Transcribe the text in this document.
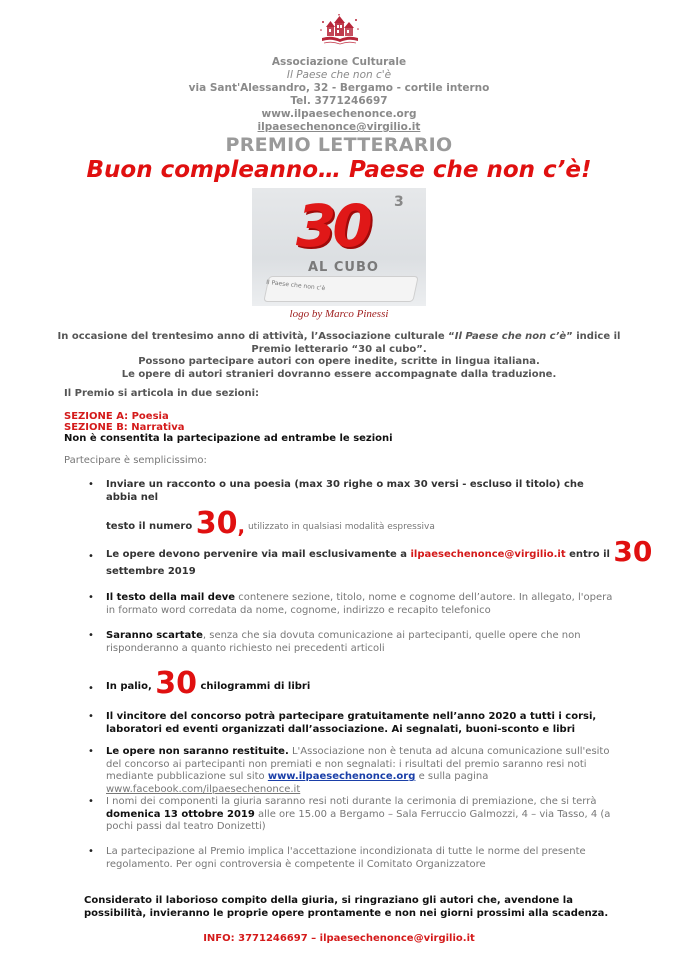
Associazione Culturale
Il Paese che non c'è
via Sant'Alessandro, 32 - Bergamo - cortile interno
Tel. 3771246697
www.ilpaesechenonce.org
ilpaesechenonce@virgilio.it
PREMIO LETTERARIO
Buon compleanno… Paese che non c’è!
30 3
AL CUBO
Il Paese che non c'è
logo by Marco Pinessi
In occasione del trentesimo anno di attività, l’Associazione culturale “Il Paese che non c’è” indice il
Premio letterario “30 al cubo”.
Possono partecipare autori con opere inedite, scritte in lingua italiana.
Le opere di autori stranieri dovranno essere accompagnate dalla traduzione.
Il Premio si articola in due sezioni:
SEZIONE A: Poesia
SEZIONE B: Narrativa
Non è consentita la partecipazione ad entrambe le sezioni
Partecipare è semplicissimo:
•	Inviare un racconto o una poesia (max 30 righe o max 30 versi - escluso il titolo) che abbia nel
testo il numero 30, utilizzato in qualsiasi modalità espressiva
•	Le opere devono pervenire via mail esclusivamente a ilpaesechenonce@virgilio.it entro il 30
settembre 2019
•	Il testo della mail deve contenere sezione, titolo, nome e cognome dell’autore. In allegato, l'opera in formato word corredata da nome, cognome, indirizzo e recapito telefonico
•	Saranno scartate, senza che sia dovuta comunicazione ai partecipanti, quelle opere che non risponderanno a quanto richiesto nei precedenti articoli
•	In palio, 30 chilogrammi di libri
•	Il vincitore del concorso potrà partecipare gratuitamente nell’anno 2020 a tutti i corsi, laboratori ed eventi organizzati dall’associazione. Ai segnalati, buoni-sconto e libri
•	Le opere non saranno restituite. L'Associazione non è tenuta ad alcuna comunicazione sull'esito del concorso ai partecipanti non premiati e non segnalati: i risultati del premio saranno resi noti mediante pubblicazione sul sito www.ilpaesechenonce.org e sulla pagina www.facebook.com/ilpaesechenonce.it
•	I nomi dei componenti la giuria saranno resi noti durante la cerimonia di premiazione, che si terrà domenica 13 ottobre 2019 alle ore 15.00 a Bergamo – Sala Ferruccio Galmozzi, 4 – via Tasso, 4 (a pochi passi dal teatro Donizetti)
•	La partecipazione al Premio implica l'accettazione incondizionata di tutte le norme del presente regolamento. Per ogni controversia è competente il Comitato Organizzatore
Considerato il laborioso compito della giuria, si ringraziano gli autori che, avendone la possibilità, invieranno le proprie opere prontamente e non nei giorni prossimi alla scadenza.
INFO: 3771246697 – ilpaesechenonce@virgilio.it
